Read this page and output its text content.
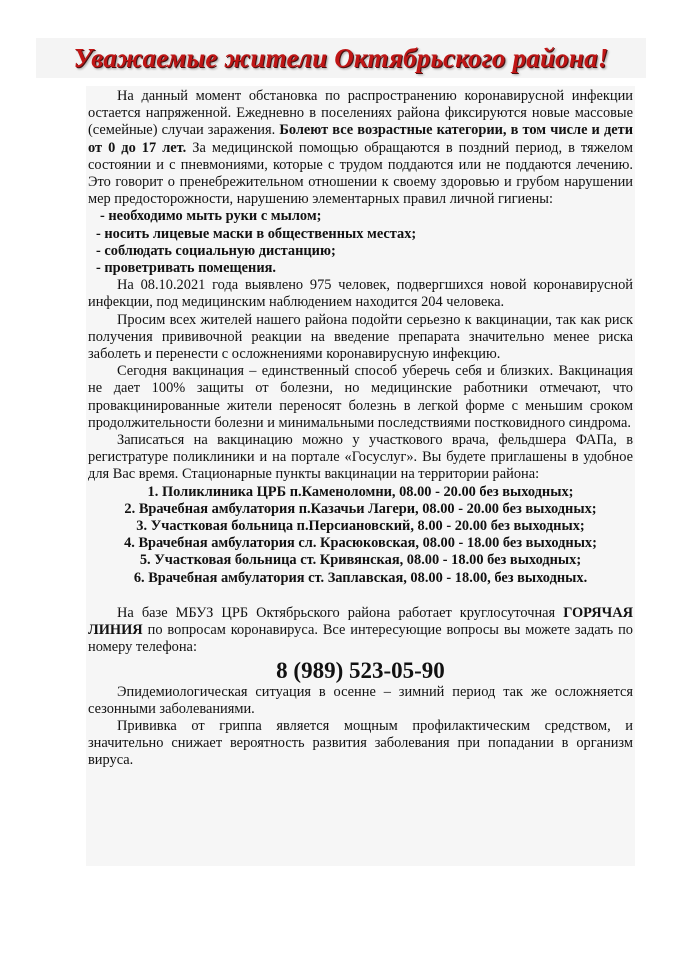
Уважаемые жители Октябрьского района!

На данный момент обстановка по распространению коронавирусной инфекции остается напряженной. Ежедневно в поселениях района фиксируются новые массовые (семейные) случаи заражения. Болеют все возрастные категории, в том числе и дети от 0 до 17 лет. За медицинской помощью обращаются в поздний период, в тяжелом состоянии и с пневмониями, которые с трудом поддаются или не поддаются лечению. Это говорит о пренебрежительном отношении к своему здоровью и грубом нарушении мер предосторожности, нарушению элементарных правил личной гигиены:

- необходимо мыть руки с мылом;

- носить лицевые маски в общественных местах;

- соблюдать социальную дистанцию;

- проветривать помещения.

На 08.10.2021 года выявлено 975 человек, подвергшихся новой коронавирусной инфекции, под медицинским наблюдением находится 204 человека.

Просим всех жителей нашего района подойти серьезно к вакцинации, так как риск получения прививочной реакции на введение препарата значительно менее риска заболеть и перенести с осложнениями коронавирусную инфекцию.

Сегодня вакцинация – единственный способ уберечь себя и близких. Вакцинация не дает 100% защиты от болезни, но медицинские работники отмечают, что провакцинированные жители переносят болезнь в легкой форме с меньшим сроком продолжительности болезни и минимальными последствиями постковидного синдрома.

Записаться на вакцинацию можно у участкового врача, фельдшера ФАПа, в регистратуре поликлиники и на портале «Госуслуг». Вы будете приглашены в удобное для Вас время. Стационарные пункты вакцинации на территории района:

1. Поликлиника ЦРБ п.Каменоломни, 08.00 - 20.00 без выходных;

2. Врачебная амбулатория п.Казачьи Лагери, 08.00 - 20.00 без выходных;

3. Участковая больница п.Персиановский, 8.00 - 20.00 без выходных;

4. Врачебная амбулатория сл. Красюковская, 08.00 - 18.00 без выходных;

5. Участковая больница ст. Кривянская, 08.00 - 18.00 без выходных;

6. Врачебная амбулатория ст. Заплавская, 08.00 - 18.00, без выходных.

На базе МБУЗ ЦРБ Октябрьского района работает круглосуточная ГОРЯЧАЯ ЛИНИЯ по вопросам коронавируса. Все интересующие вопросы вы можете задать по номеру телефона:

8 (989) 523-05-90

Эпидемиологическая ситуация в осенне – зимний период так же осложняется сезонными заболеваниями.

Прививка от гриппа является мощным профилактическим средством, и значительно снижает вероятность развития заболевания при попадании в организм вируса.
